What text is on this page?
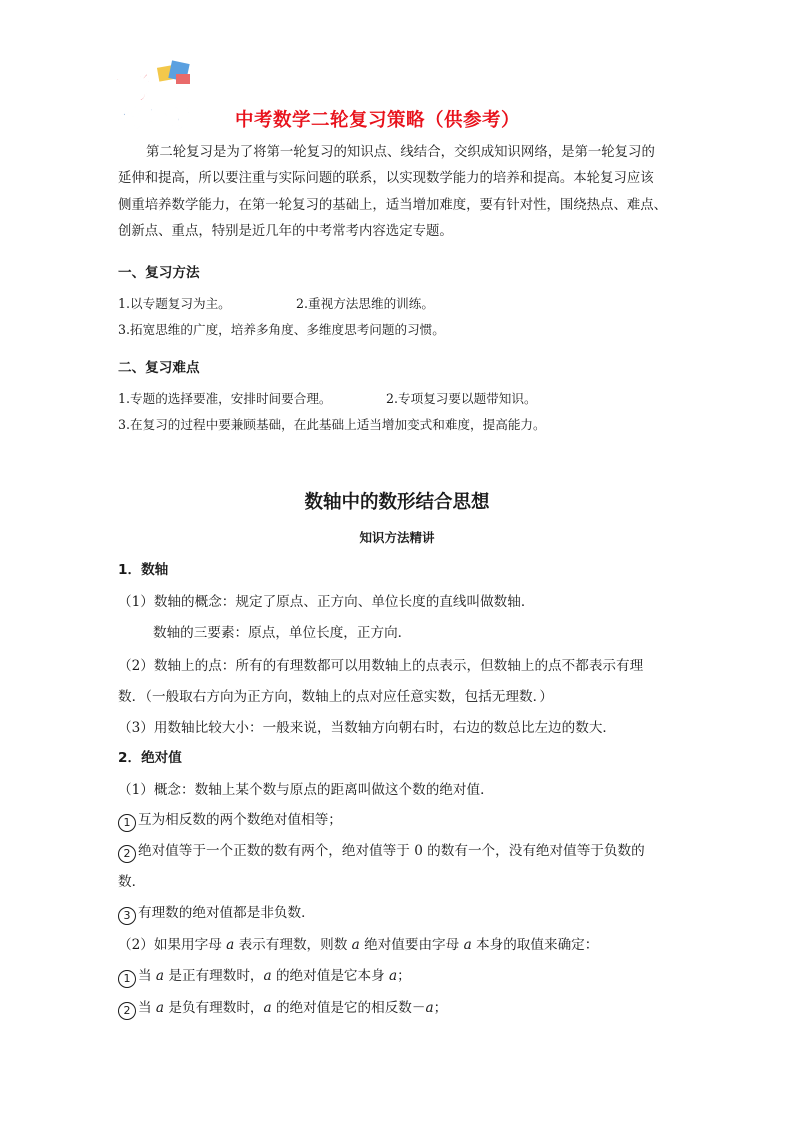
中考
倒计时	中考数学二轮复习策略（供参考）
第二轮复习是为了将第一轮复习的知识点、线结合，交织成知识网络，是第一轮复习的
延伸和提高，所以要注重与实际问题的联系，以实现数学能力的培养和提高。本轮复习应该
侧重培养数学能力，在第一轮复习的基础上，适当增加难度，要有针对性，围绕热点、难点、
创新点、重点，特别是近几年的中考常考内容选定专题。
一、复习方法
1.以专题复习为主。	2.重视方法思维的训练。
3.拓宽思维的广度，培养多角度、多维度思考问题的习惯。
二、复习难点
1.专题的选择要准，安排时间要合理。	2.专项复习要以题带知识。
3.在复习的过程中要兼顾基础，在此基础上适当增加变式和难度，提高能力。
数轴中的数形结合思想
知识方法精讲
1．数轴
（1）数轴的概念：规定了原点、正方向、单位长度的直线叫做数轴．
数轴的三要素：原点，单位长度，正方向．
（2）数轴上的点：所有的有理数都可以用数轴上的点表示，但数轴上的点不都表示有理
数．（一般取右方向为正方向，数轴上的点对应任意实数，包括无理数．）
（3）用数轴比较大小：一般来说，当数轴方向朝右时，右边的数总比左边的数大．
2．绝对值
（1）概念：数轴上某个数与原点的距离叫做这个数的绝对值．
1 互为相反数的两个数绝对值相等；
2 绝对值等于一个正数的数有两个，绝对值等于 0 的数有一个，没有绝对值等于负数的
数．
3 有理数的绝对值都是非负数．
（2）如果用字母 a 表示有理数，则数 a 绝对值要由字母 a 本身的取值来确定：
1 当 a 是正有理数时，a 的绝对值是它本身 a；
2 当 a 是负有理数时，a 的绝对值是它的相反数－a；
